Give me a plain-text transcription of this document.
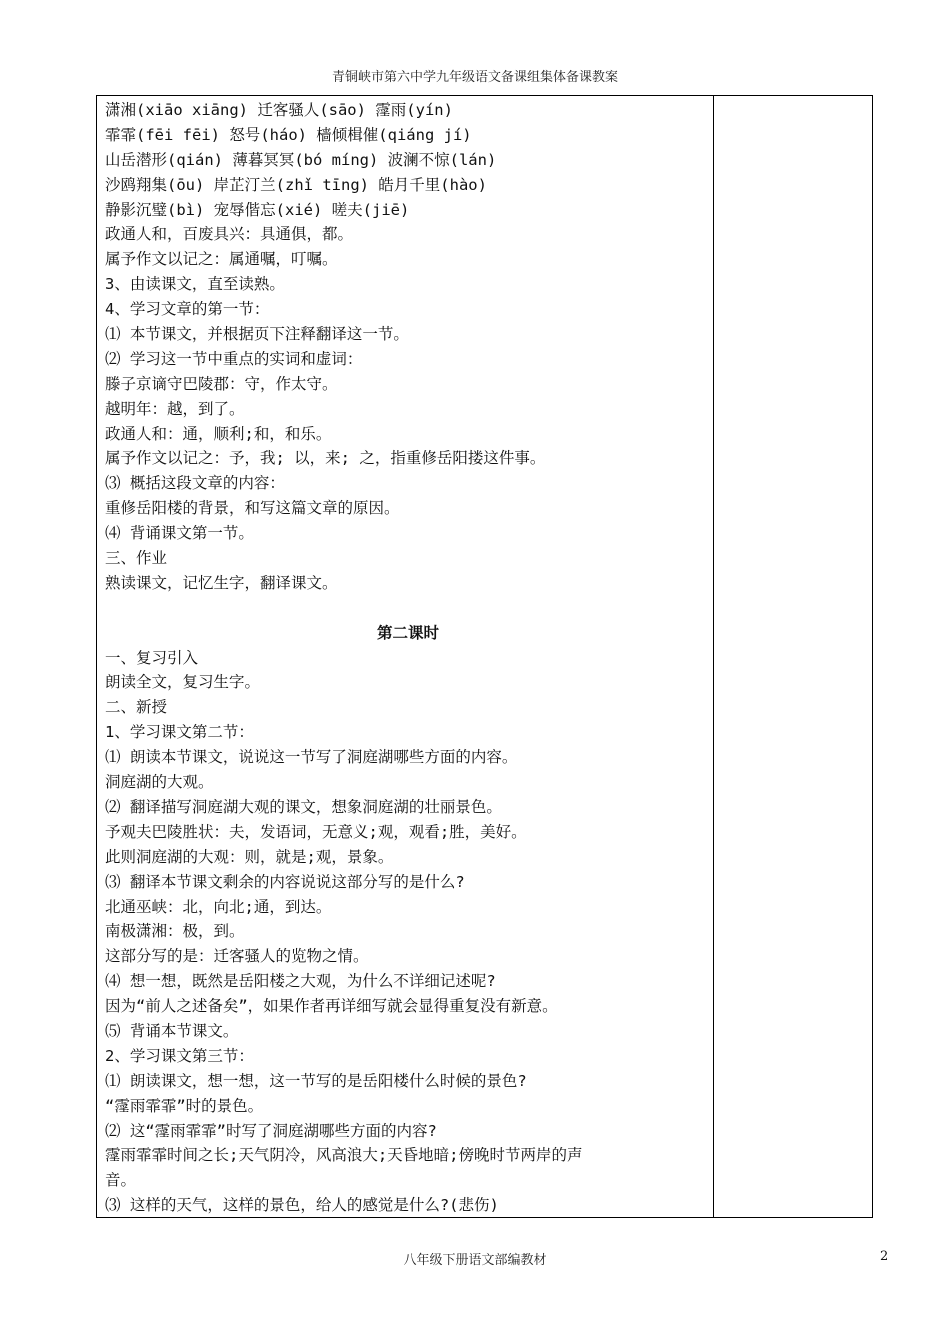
青铜峡市第六中学九年级语文备课组集体备课教案
潇湘(xiāo xiāng) 迁客骚人(sāo) 霪雨(yín)
霏霏(fēi fēi) 怒号(háo) 樯倾楫催(qiáng jí)
山岳潜形(qián) 薄暮冥冥(bó míng) 波澜不惊(lán)
沙鸥翔集(ōu) 岸芷汀兰(zhǐ tīng) 皓月千里(hào)
静影沉璧(bì) 宠辱偕忘(xié) 嗟夫(jiē)
政通人和，百废具兴：具通俱，都。
属予作文以记之：属通嘱，叮嘱。
3、由读课文，直至读熟。
4、学习文章的第一节：
⑴ 本节课文，并根据页下注释翻译这一节。
⑵ 学习这一节中重点的实词和虚词：
滕子京谪守巴陵郡：守，作太守。
越明年：越，到了。
政通人和：通，顺利;和，和乐。
属予作文以记之：予，我; 以，来; 之，指重修岳阳搂这件事。
⑶ 概括这段文章的内容：
重修岳阳楼的背景，和写这篇文章的原因。
⑷ 背诵课文第一节。
三、作业
熟读课文，记忆生字，翻译课文。
第二课时
一、复习引入
朗读全文，复习生字。
二、新授
1、学习课文第二节：
⑴ 朗读本节课文，说说这一节写了洞庭湖哪些方面的内容。
洞庭湖的大观。
⑵ 翻译描写洞庭湖大观的课文，想象洞庭湖的壮丽景色。
予观夫巴陵胜状：夫，发语词，无意义;观，观看;胜，美好。
此则洞庭湖的大观：则，就是;观，景象。
⑶ 翻译本节课文剩余的内容说说这部分写的是什么?
北通巫峡：北，向北;通，到达。
南极潇湘：极，到。
这部分写的是：迁客骚人的览物之情。
⑷ 想一想，既然是岳阳楼之大观，为什么不详细记述呢?
因为“前人之述备矣”，如果作者再详细写就会显得重复没有新意。
⑸ 背诵本节课文。
2、学习课文第三节：
⑴ 朗读课文，想一想，这一节写的是岳阳楼什么时候的景色?
“霪雨霏霏”时的景色。
⑵ 这“霪雨霏霏”时写了洞庭湖哪些方面的内容?
霪雨霏霏时间之长;天气阴冷，风高浪大;天昏地暗;傍晚时节两岸的声
音。
⑶ 这样的天气，这样的景色，给人的感觉是什么?(悲伤)
八年级下册语文部编教材	2
